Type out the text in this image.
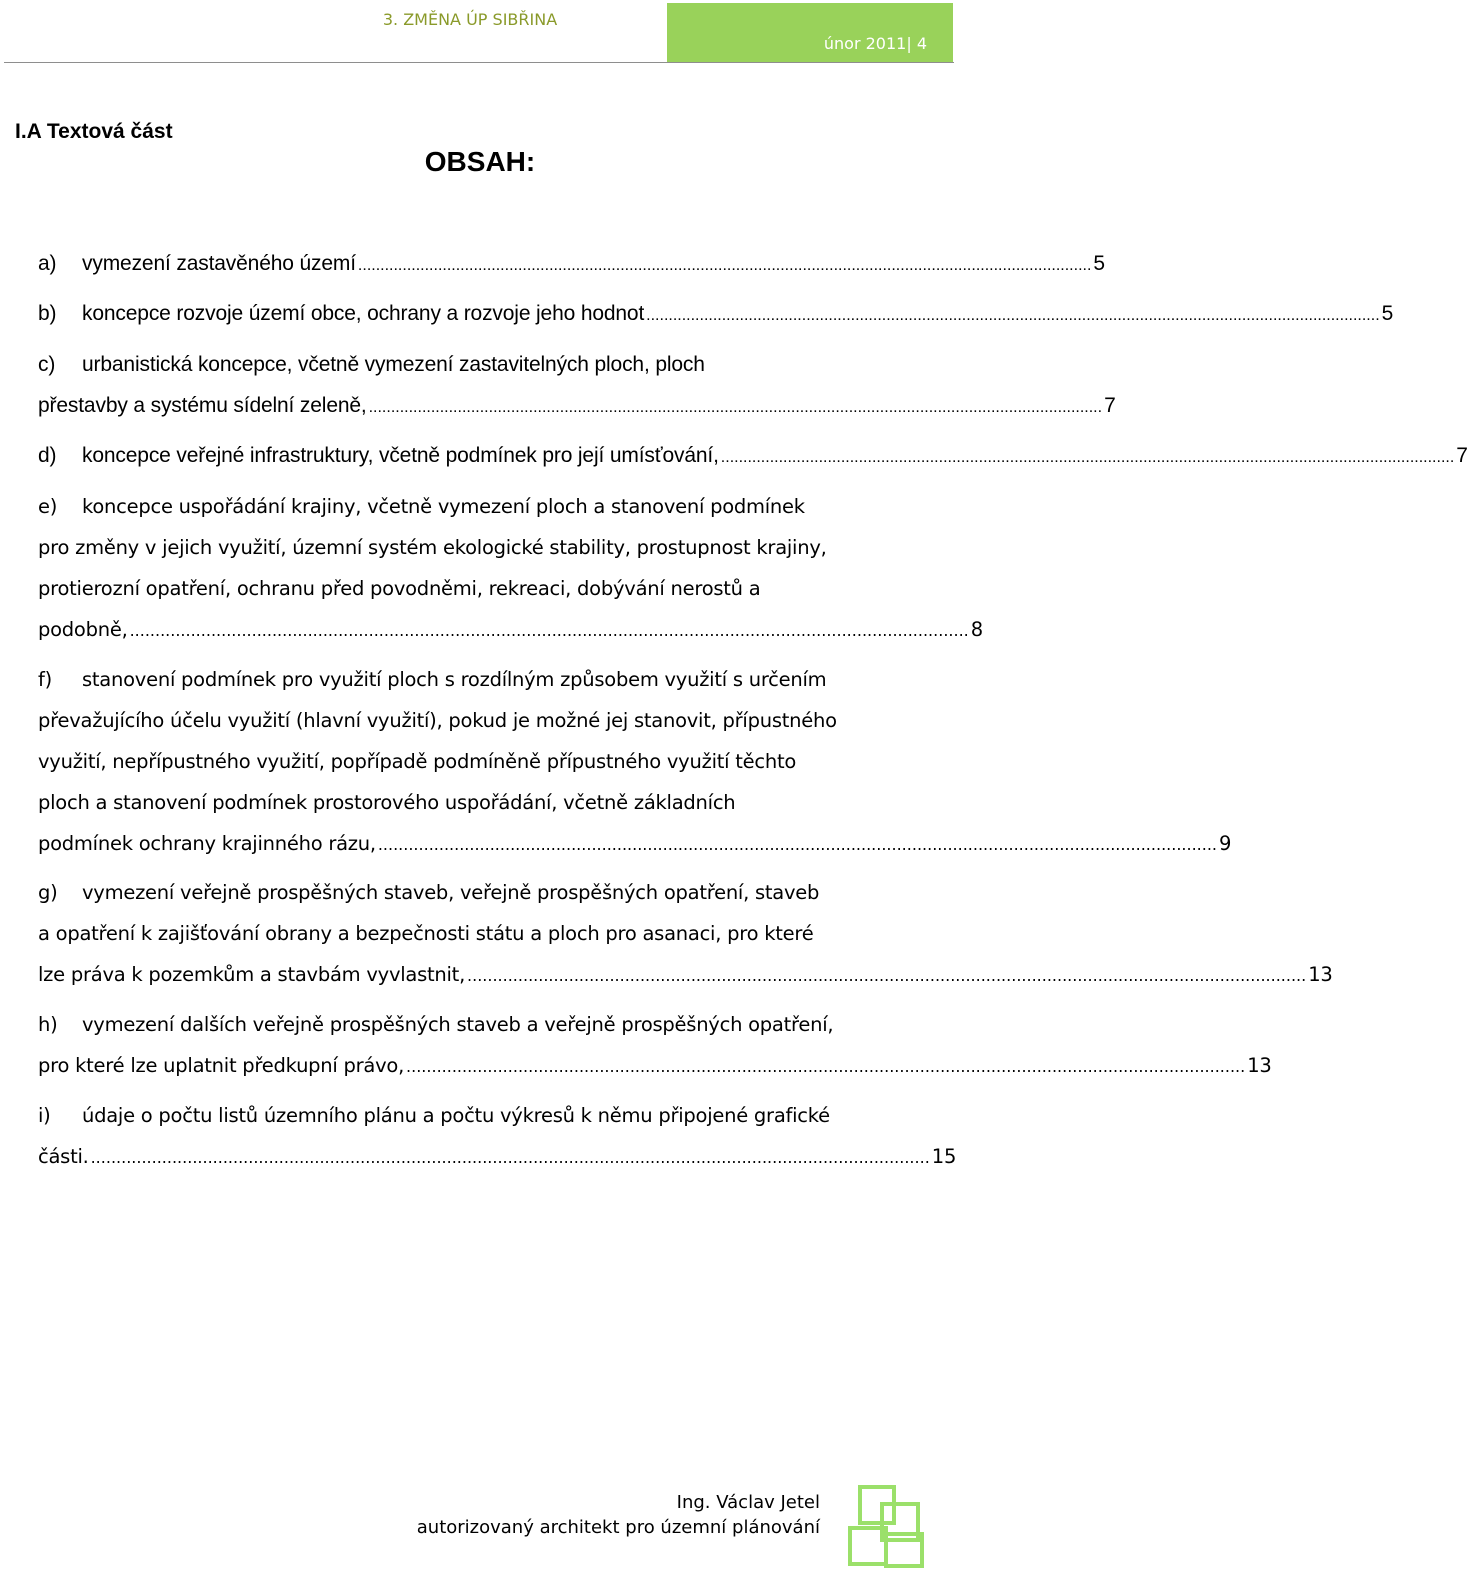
3. ZMĚNA ÚP SIBŘINA
únor 2011| 4
I.A Textová část
OBSAH:
a) vymezení zastavěného území ..................................................................................................................................................................... 5
b) koncepce rozvoje území obce, ochrany a rozvoje jeho hodnot ..................................................................................................................................................................... 5
c) urbanistická koncepce, včetně vymezení zastavitelných ploch, ploch
přestavby a systému sídelní zeleně, ..................................................................................................................................................................... 7
d) koncepce veřejné infrastruktury, včetně podmínek pro její umísťování, ..................................................................................................................................................................... 7
e) koncepce uspořádání krajiny, včetně vymezení ploch a stanovení podmínek
pro změny v jejich využití, územní systém ekologické stability, prostupnost krajiny,
protierozní opatření, ochranu před povodněmi, rekreaci, dobývání nerostů a
podobně, ..................................................................................................................................................................... 8
f) stanovení podmínek pro využití ploch s rozdílným způsobem využití s určením
převažujícího účelu využití (hlavní využití), pokud je možné jej stanovit, přípustného
využití, nepřípustného využití, popřípadě podmíněně přípustného využití těchto
ploch a stanovení podmínek prostorového uspořádání, včetně základních
podmínek ochrany krajinného rázu, ..................................................................................................................................................................... 9
g) vymezení veřejně prospěšných staveb, veřejně prospěšných opatření, staveb
a opatření k zajišťování obrany a bezpečnosti státu a ploch pro asanaci, pro které
lze práva k pozemkům a stavbám vyvlastnit, ..................................................................................................................................................................... 13
h) vymezení dalších veřejně prospěšných staveb a veřejně prospěšných opatření,
pro které lze uplatnit předkupní právo, ..................................................................................................................................................................... 13
i) údaje o počtu listů územního plánu a počtu výkresů k němu připojené grafické
části. ..................................................................................................................................................................... 15
Ing. Václav Jetel
autorizovaný architekt pro územní plánování
